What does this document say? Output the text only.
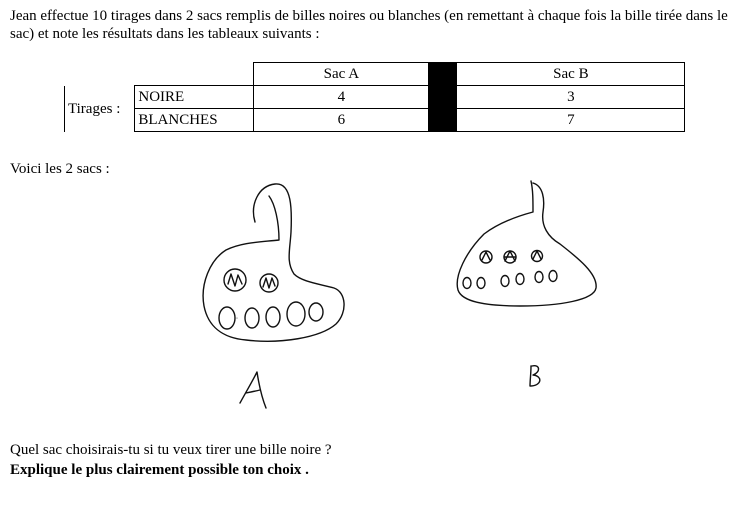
Jean effectue 10 tirages dans 2 sacs remplis de billes noires ou blanches (en remettant à chaque fois la bille tirée dans le sac) et note les résultats dans les tableaux suivants :

		Sac A		Sac B
Tirages :	NOIRE	4		3
	BLANCHES	6		7

Voici les 2 sacs :

Quel sac choisirais-tu si tu veux tirer une bille noire ?
Explique le plus clairement possible ton choix .
